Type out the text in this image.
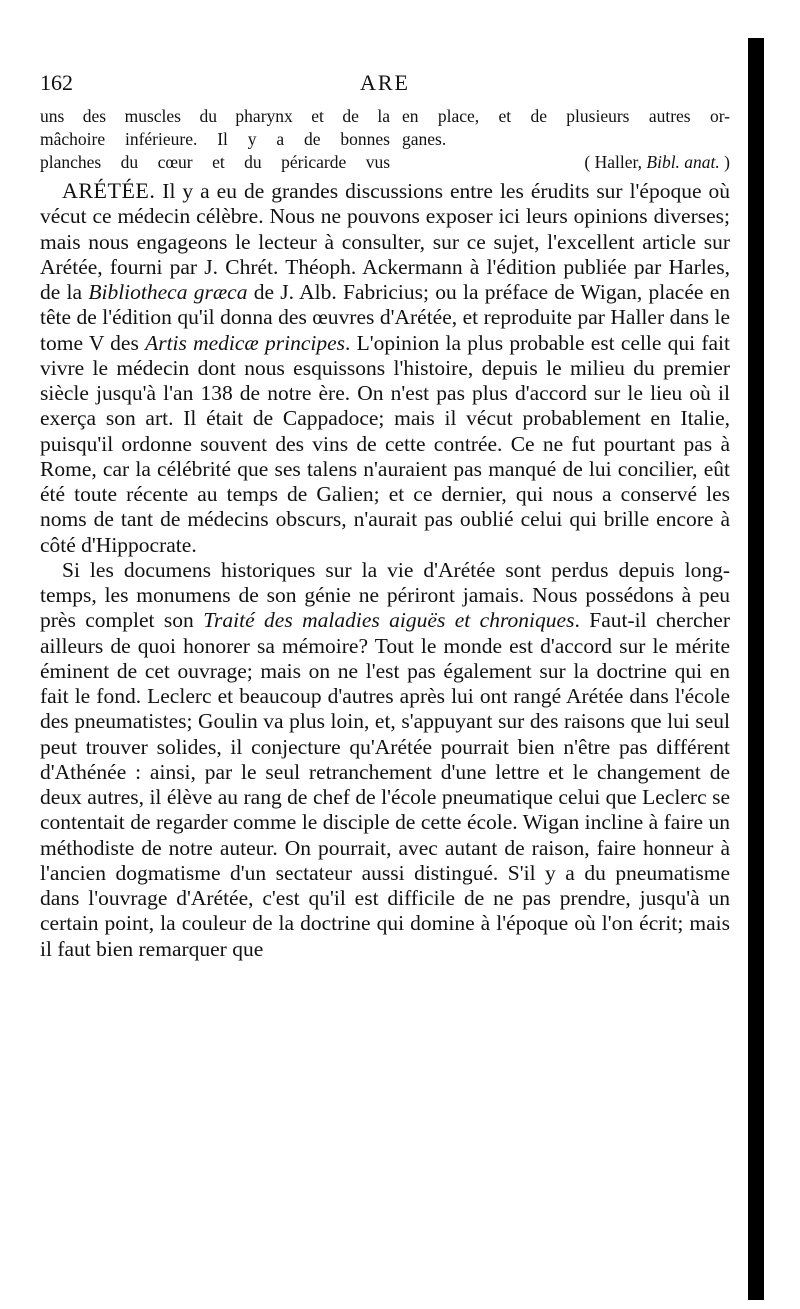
162	ARE
uns des muscles du pharynx et de la
mâchoire inférieure. Il y a de bonnes
planches du cœur et du péricarde vus
en place, et de plusieurs autres or-
ganes.
( Haller, Bibl. anat. )

ARÉTÉE. Il y a eu de grandes discussions entre les érudits sur l'époque où vécut ce médecin célèbre. Nous ne pouvons exposer ici leurs opinions diverses; mais nous engageons le lecteur à consulter, sur ce sujet, l'excellent article sur Arétée, fourni par J. Chrét. Théoph. Ackermann à l'édition publiée par Harles, de la Bibliotheca græca de J. Alb. Fabricius; ou la préface de Wigan, placée en tête de l'édition qu'il donna des œuvres d'Arétée, et reproduite par Haller dans le tome V des Artis medicæ principes. L'opinion la plus probable est celle qui fait vivre le médecin dont nous esquissons l'histoire, depuis le milieu du premier siècle jusqu'à l'an 138 de notre ère. On n'est pas plus d'accord sur le lieu où il exerça son art. Il était de Cappadoce; mais il vécut probablement en Italie, puisqu'il ordonne souvent des vins de cette contrée. Ce ne fut pourtant pas à Rome, car la célébrité que ses talens n'auraient pas manqué de lui concilier, eût été toute récente au temps de Galien; et ce dernier, qui nous a conservé les noms de tant de médecins obscurs, n'aurait pas oublié celui qui brille encore à côté d'Hippocrate.

Si les documens historiques sur la vie d'Arétée sont perdus depuis long-temps, les monumens de son génie ne périront jamais. Nous possédons à peu près complet son Traité des maladies aiguës et chroniques. Faut-il chercher ailleurs de quoi honorer sa mémoire? Tout le monde est d'accord sur le mérite éminent de cet ouvrage; mais on ne l'est pas également sur la doctrine qui en fait le fond. Leclerc et beaucoup d'autres après lui ont rangé Arétée dans l'école des pneumatistes; Goulin va plus loin, et, s'appuyant sur des raisons que lui seul peut trouver solides, il conjecture qu'Arétée pourrait bien n'être pas différent d'Athénée : ainsi, par le seul retranchement d'une lettre et le changement de deux autres, il élève au rang de chef de l'école pneumatique celui que Leclerc se contentait de regarder comme le disciple de cette école. Wigan incline à faire un méthodiste de notre auteur. On pourrait, avec autant de raison, faire honneur à l'ancien dogmatisme d'un sectateur aussi distingué. S'il y a du pneumatisme dans l'ouvrage d'Arétée, c'est qu'il est difficile de ne pas prendre, jusqu'à un certain point, la couleur de la doctrine qui domine à l'époque où l'on écrit; mais il faut bien remarquer que
